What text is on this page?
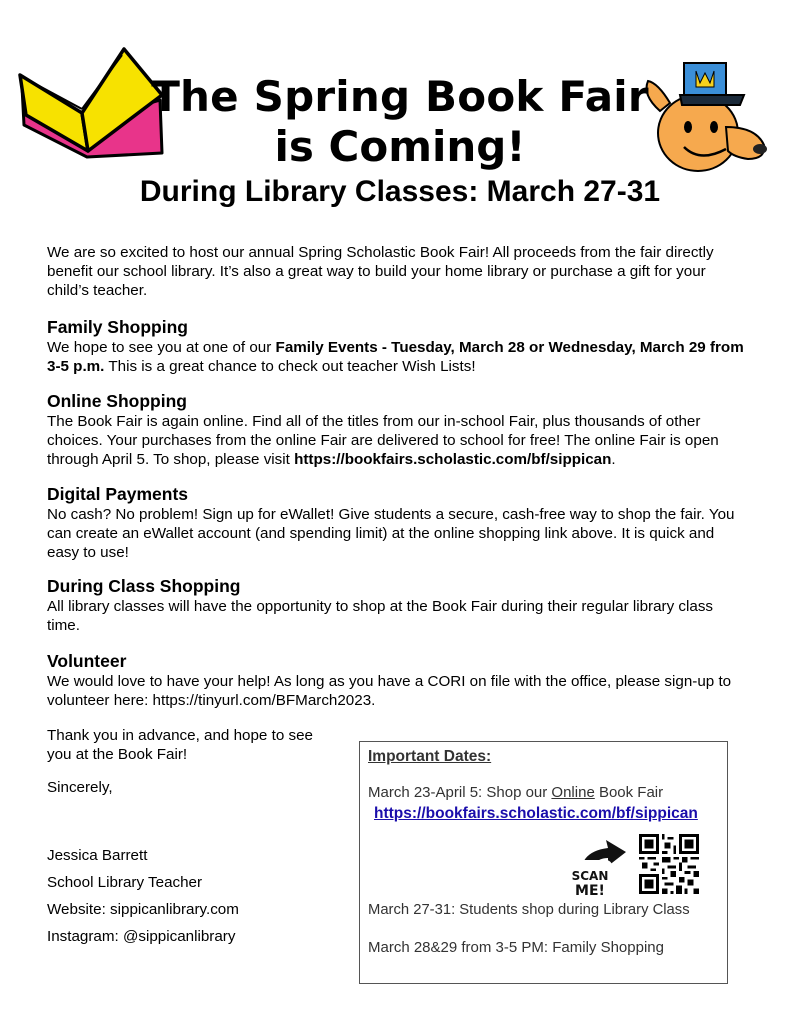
The Spring Book Fair
is Coming!
During Library Classes: March 27-31
We are so excited to host our annual Spring Scholastic Book Fair! All proceeds from the fair directly benefit our school library. It’s also a great way to build your home library or purchase a gift for your child’s teacher.
Family Shopping

We hope to see you at one of our Family Events - Tuesday, March 28 or Wednesday, March 29 from 3-5 p.m. This is a great chance to check out teacher Wish Lists!

Online Shopping

The Book Fair is again online. Find all of the titles from our in-school Fair, plus thousands of other choices. Your purchases from the online Fair are delivered to school for free! The online Fair is open through April 5. To shop, please visit https://bookfairs.scholastic.com/bf/sippican.

Digital Payments

No cash? No problem! Sign up for eWallet! Give students a secure, cash-free way to shop the fair. You can create an eWallet account (and spending limit) at the online shopping link above. It is quick and easy to use!

During Class Shopping

All library classes will have the opportunity to shop at the Book Fair during their regular library class time.

Volunteer

We would love to have your help! As long as you have a CORI on file with the office, please sign-up to volunteer here: https://tinyurl.com/BFMarch2023.

Thank you in advance, and hope to see you at the Book Fair!
Sincerely,
Jessica Barrett
School Library Teacher
Website: sippicanlibrary.com
Instagram: @sippicanlibrary
Important Dates:
March 23-April 5: Shop our Online Book Fair
https://bookfairs.scholastic.com/bf/sippican
SCAN
ME!
March 27-31: Students shop during Library Class
March 28&29 from 3-5 PM: Family Shopping
